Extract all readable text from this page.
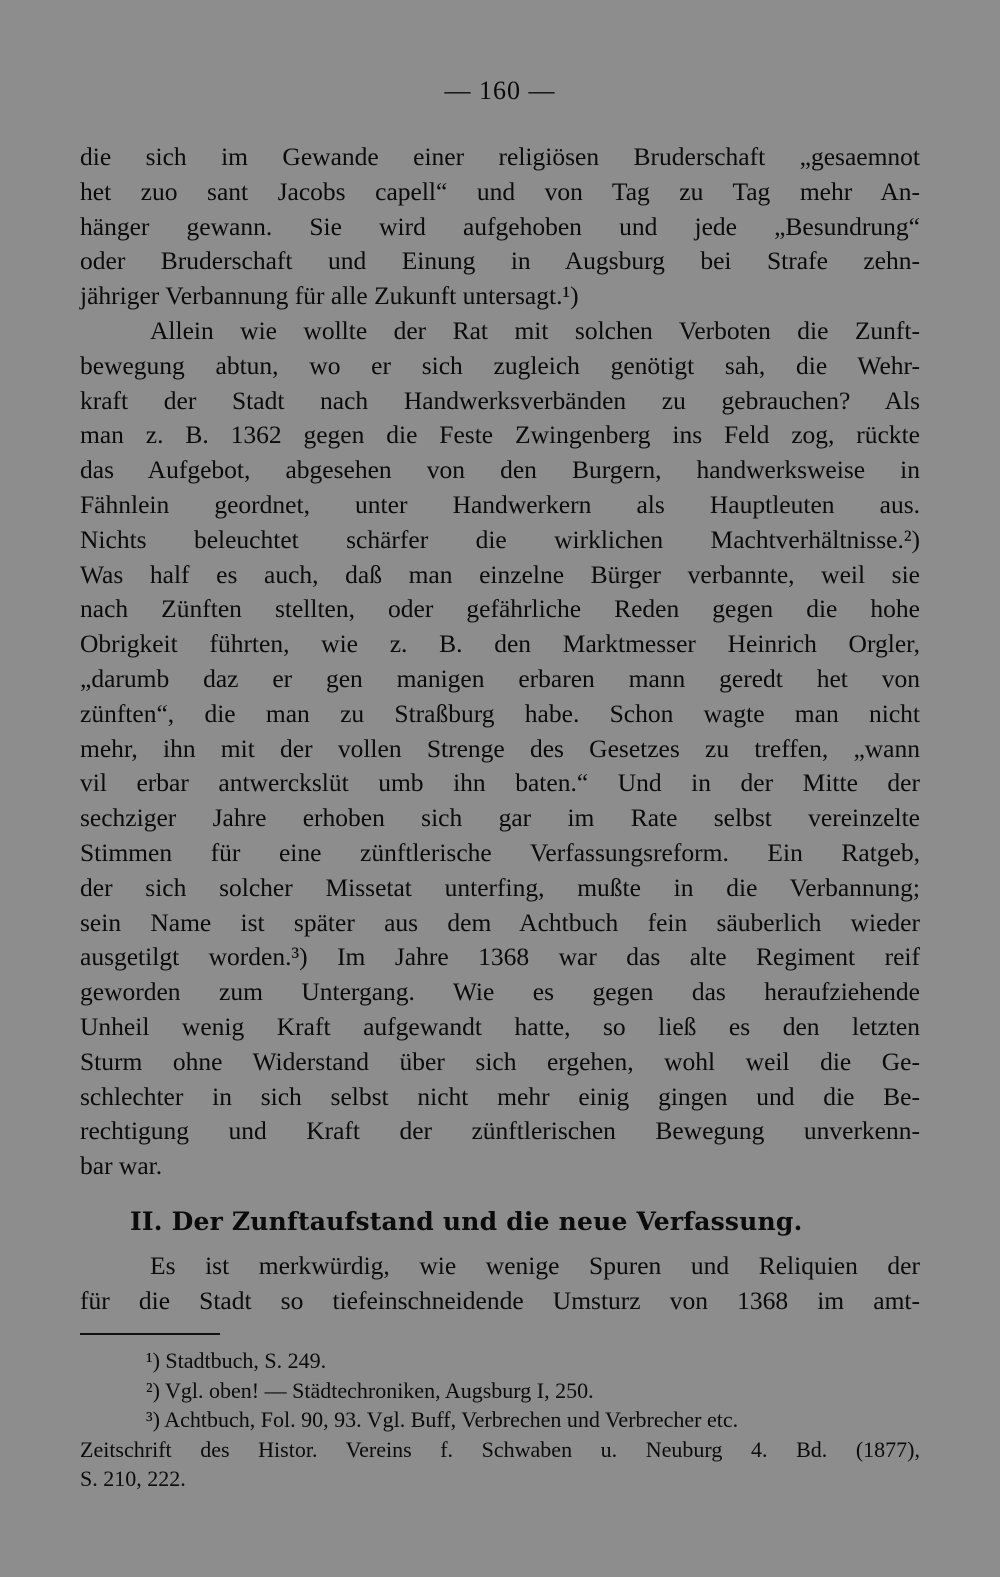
— 160 —
die sich im Gewande einer religiösen Bruderschaft „gesaemnot
het zuo sant Jacobs capell“ und von Tag zu Tag mehr An-
hänger gewann. Sie wird aufgehoben und jede „Besundrung“
oder Bruderschaft und Einung in Augsburg bei Strafe zehn-
jähriger Verbannung für alle Zukunft untersagt.¹)
Allein wie wollte der Rat mit solchen Verboten die Zunft-
bewegung abtun, wo er sich zugleich genötigt sah, die Wehr-
kraft der Stadt nach Handwerksverbänden zu gebrauchen? Als
man z. B. 1362 gegen die Feste Zwingenberg ins Feld zog, rückte
das Aufgebot, abgesehen von den Burgern, handwerksweise in
Fähnlein geordnet, unter Handwerkern als Hauptleuten aus.
Nichts beleuchtet schärfer die wirklichen Machtverhältnisse.²)
Was half es auch, daß man einzelne Bürger verbannte, weil sie
nach Zünften stellten, oder gefährliche Reden gegen die hohe
Obrigkeit führten, wie z. B. den Marktmesser Heinrich Orgler,
„darumb daz er gen manigen erbaren mann geredt het von
zünften“, die man zu Straßburg habe. Schon wagte man nicht
mehr, ihn mit der vollen Strenge des Gesetzes zu treffen, „wann
vil erbar antwerckslüt umb ihn baten.“ Und in der Mitte der
sechziger Jahre erhoben sich gar im Rate selbst vereinzelte
Stimmen für eine zünftlerische Verfassungsreform. Ein Ratgeb,
der sich solcher Missetat unterfing, mußte in die Verbannung;
sein Name ist später aus dem Achtbuch fein säuberlich wieder
ausgetilgt worden.³) Im Jahre 1368 war das alte Regiment reif
geworden zum Untergang. Wie es gegen das heraufziehende
Unheil wenig Kraft aufgewandt hatte, so ließ es den letzten
Sturm ohne Widerstand über sich ergehen, wohl weil die Ge-
schlechter in sich selbst nicht mehr einig gingen und die Be-
rechtigung und Kraft der zünftlerischen Bewegung unverkenn-
bar war.
II. Der Zunftaufstand und die neue Verfassung.
Es ist merkwürdig, wie wenige Spuren und Reliquien der
für die Stadt so tiefeinschneidende Umsturz von 1368 im amt-
¹) Stadtbuch, S. 249.
²) Vgl. oben! — Städtechroniken, Augsburg I, 250.
³) Achtbuch, Fol. 90, 93. Vgl. Buff, Verbrechen und Verbrecher etc.
Zeitschrift des Histor. Vereins f. Schwaben u. Neuburg 4. Bd. (1877),
S. 210, 222.
